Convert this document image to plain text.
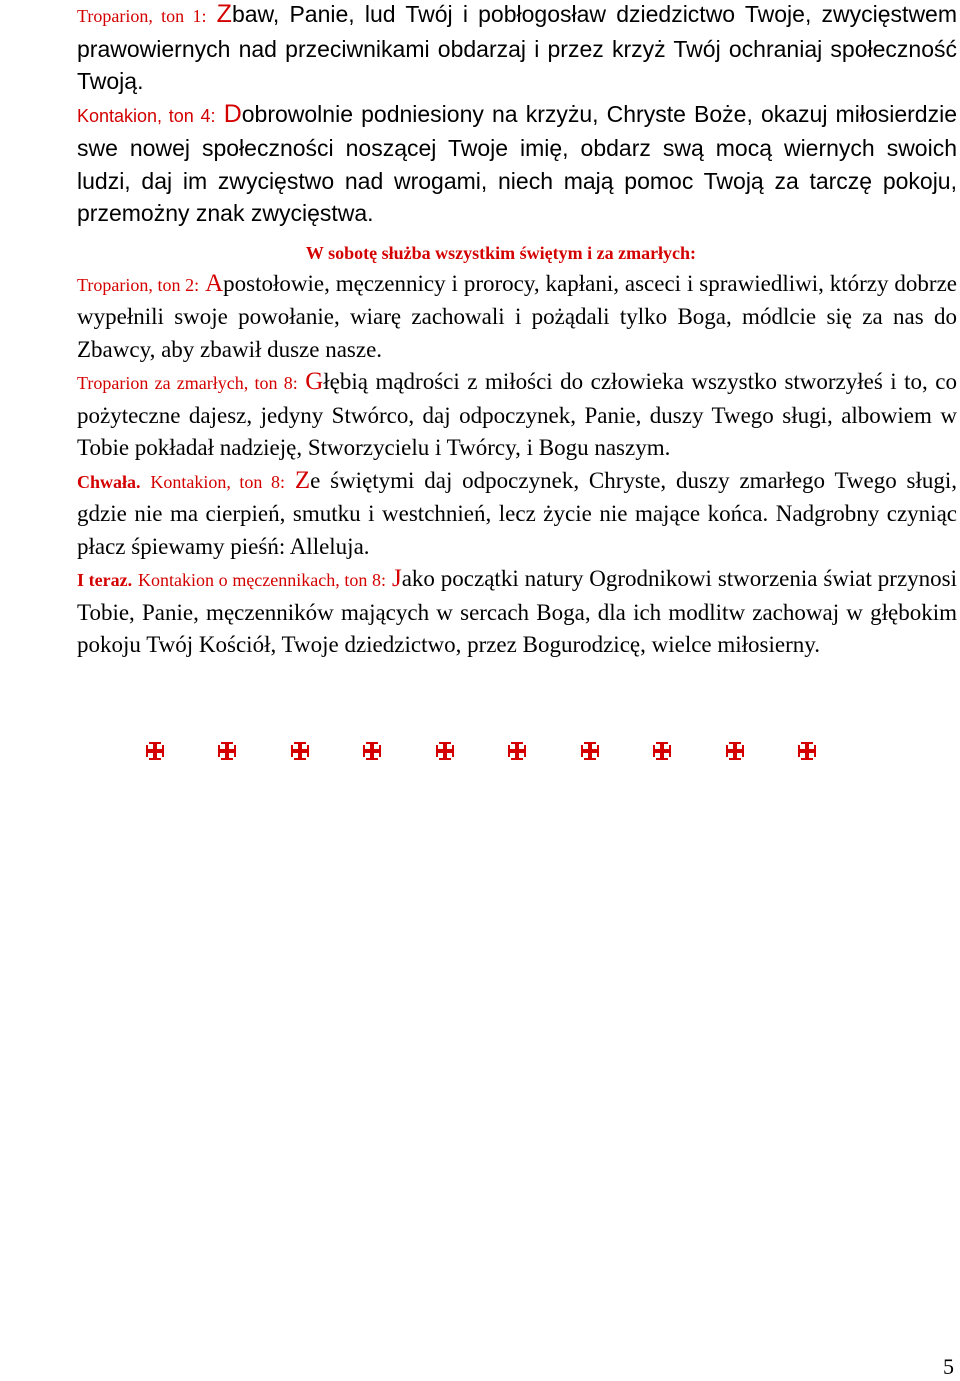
Troparion, ton 1: Zbaw, Panie, lud Twój i pobłogosław dziedzictwo Twoje, zwycięstwem prawowiernych nad przeciwnikami obdarzaj i przez krzyż Twój ochraniaj społeczność Twoją.

Kontakion, ton 4: Dobrowolnie podniesiony na krzyżu, Chryste Boże, okazuj miłosierdzie swe nowej społeczności noszącej Twoje imię, obdarz swą mocą wiernych swoich ludzi, daj im zwycięstwo nad wrogami, niech mają pomoc Twoją za tarczę pokoju, przemożny znak zwycięstwa.

W sobotę służba wszystkim świętym i za zmarłych:

Troparion, ton 2: Apostołowie, męczennicy i prorocy, kapłani, asceci i sprawiedliwi, którzy dobrze wypełnili swoje powołanie, wiarę zachowali i pożądali tylko Boga, módlcie się za nas do Zbawcy, aby zbawił dusze nasze.

Troparion za zmarłych, ton 8: Głębią mądrości z miłości do człowieka wszystko stworzyłeś i to, co pożyteczne dajesz, jedyny Stwórco, daj odpoczynek, Panie, duszy Twego sługi, albowiem w Tobie pokładał nadzieję, Stworzycielu i Twórcy, i Bogu naszym.

Chwała. Kontakion, ton 8: Ze świętymi daj odpoczynek, Chryste, duszy zmarłego Twego sługi, gdzie nie ma cierpień, smutku i westchnień, lecz życie nie mające końca. Nadgrobny czyniąc płacz śpiewamy pieśń: Alleluja.

I teraz. Kontakion o męczennikach, ton 8: Jako początki natury Ogrodnikowi stworzenia świat przynosi Tobie, Panie, męczenników mających w sercach Boga, dla ich modlitw zachowaj w głębokim pokoju Twój Kościół, Twoje dziedzictwo, przez Bogurodzicę, wielce miłosierny.

5
